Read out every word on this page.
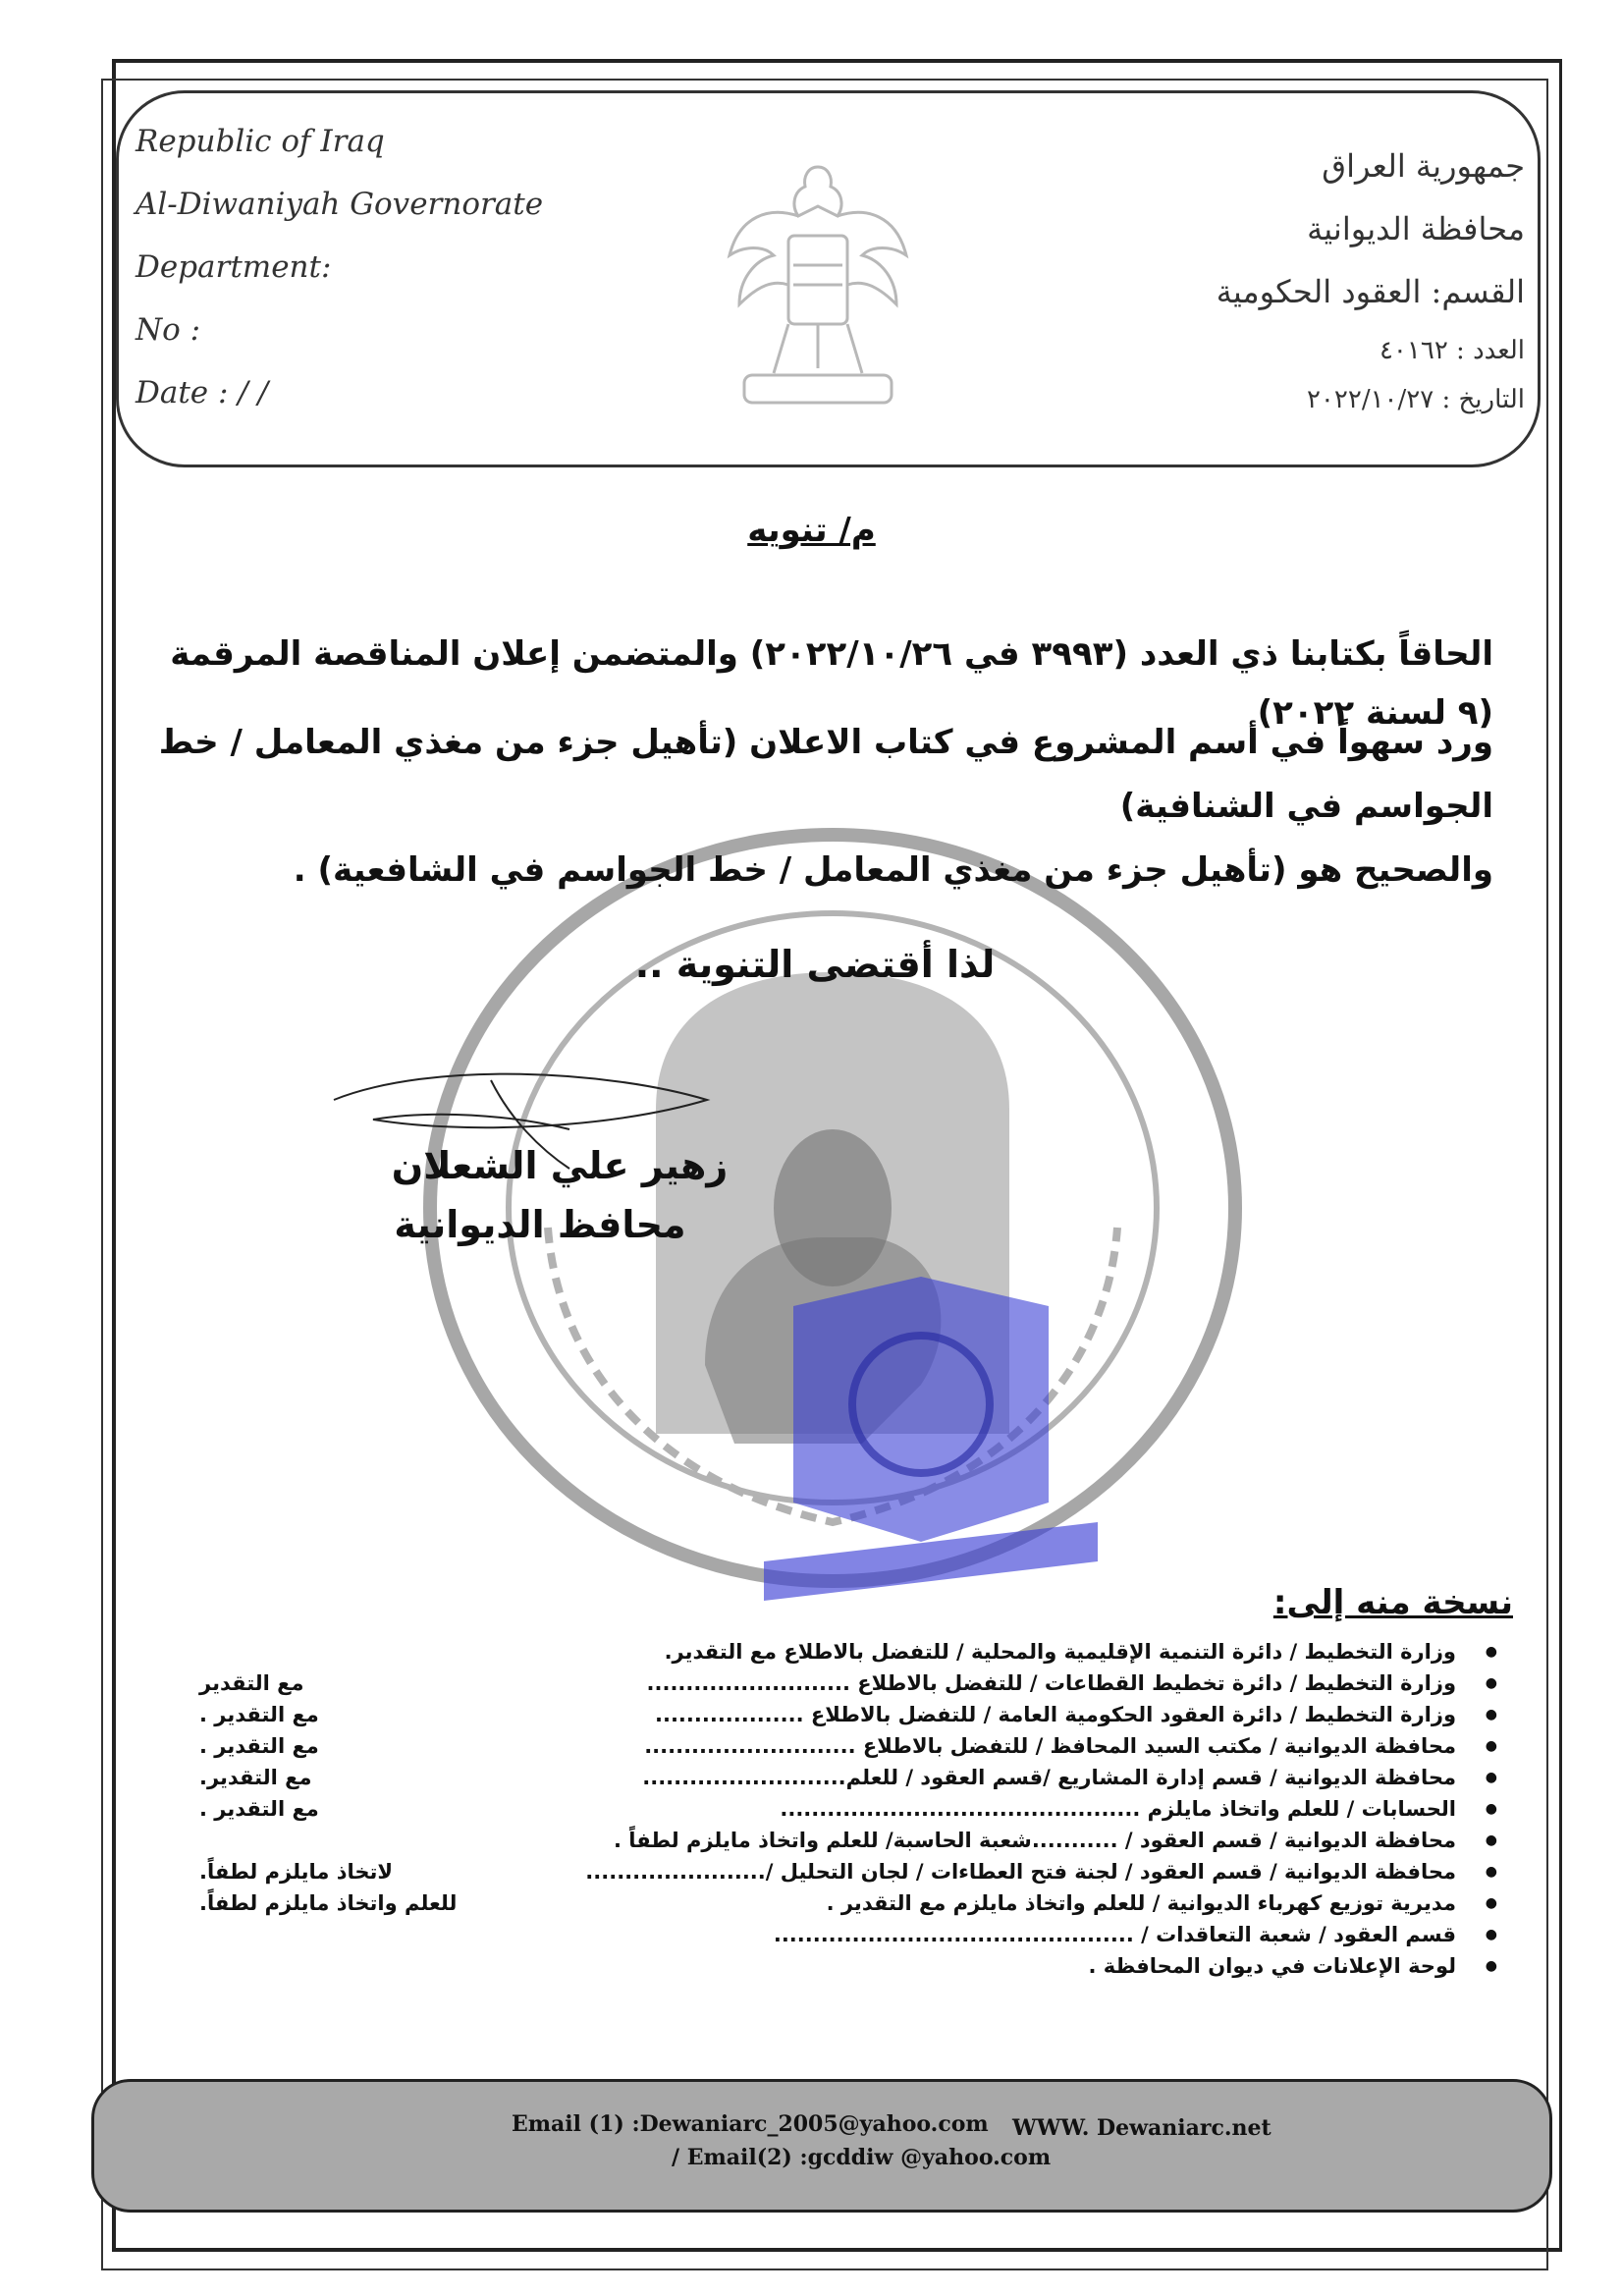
Republic of Iraq
Al-Diwaniyah Governorate
Department:
No :
Date : / /
جمهورية العراق
محافظة الديوانية
القسم: العقود الحكومية
العدد : ٤٠١٦٢
التاريخ : ٢٠٢٢/١٠/٢٧
م/ تنويه
الحاقاً بكتابنا ذي العدد (٣٩٩٣ في ٢٠٢٢/١٠/٢٦) والمتضمن إعلان المناقصة المرقمة
(٩ لسنة ٢٠٢٢)
ورد سهواً في أسم المشروع في كتاب الاعلان (تأهيل جزء من مغذي المعامل / خط
الجواسم في الشنافية)
والصحيح هو (تأهيل جزء من مغذي المعامل / خط الجواسم في الشافعية) .
لذا أقتضى التنوية ..
زهير علي الشعلان
محافظ الديوانية
نسخة منه إلى:
● وزارة التخطيط / دائرة التنمية الإقليمية والمحلية / للتفضل بالاطلاع مع التقدير.
● وزارة التخطيط / دائرة تخطيط القطاعات / للتفضل بالاطلاع ..........................
مع التقدير
● وزارة التخطيط / دائرة العقود الحكومية العامة / للتفضل بالاطلاع ...................
مع التقدير .
● محافظة الديوانية / مكتب السيد المحافظ / للتفضل بالاطلاع ...........................
مع التقدير .
● محافظة الديوانية / قسم إدارة المشاريع /قسم العقود / للعلم..........................
مع التقدير.
● الحسابات / للعلم واتخاذ مايلزم ..............................................
مع التقدير .
● محافظة الديوانية / قسم العقود / ...........شعبة الحاسبة/ للعلم واتخاذ مايلزم لطفاً .
● محافظة الديوانية / قسم العقود / لجنة فتح العطاءات / لجان التحليل /.......................
لاتخاذ مايلزم لطفاً.
● مديرية توزيع كهرباء الديوانية / للعلم واتخاذ مايلزم مع التقدير .
للعلم واتخاذ مايلزم لطفاً.
● قسم العقود / شعبة التعاقدات / ..............................................
● لوحة الإعلانات في ديوان المحافظة .
Email (1) :Dewaniarc_2005@yahoo.com WWW. Dewaniarc.net
/ Email(2) :gcddiw @yahoo.com
